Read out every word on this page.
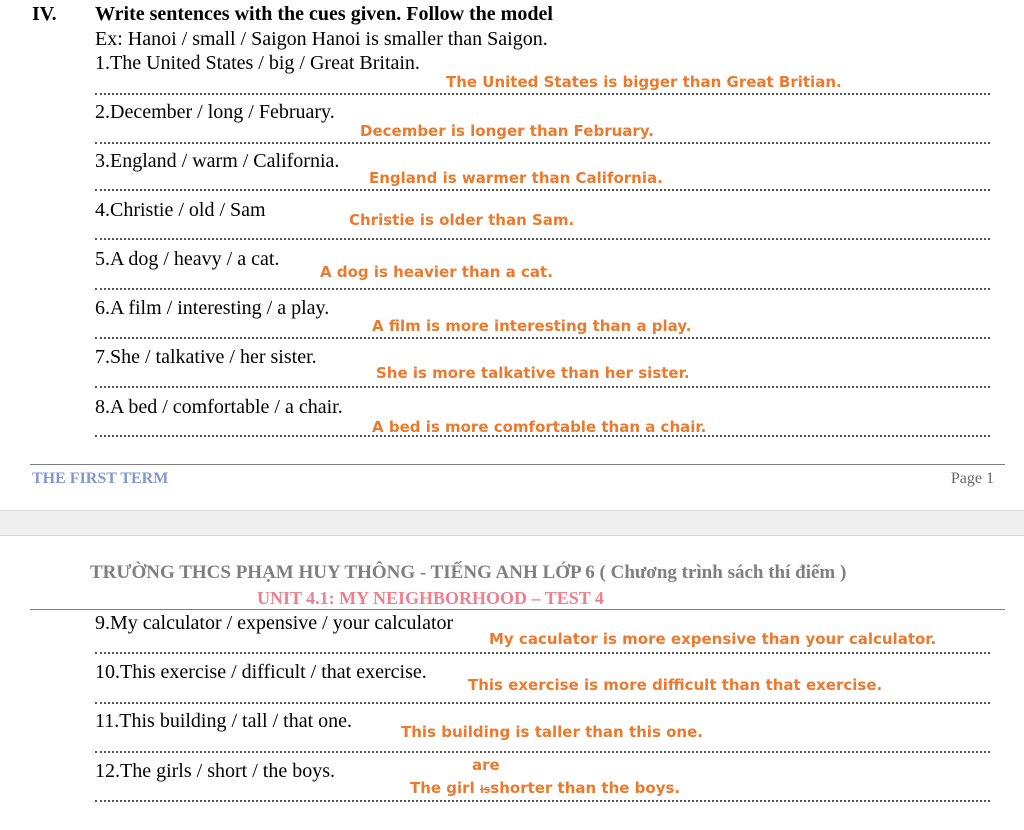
IV. Write sentences with the cues given. Follow the model
Ex: Hanoi / small / Saigon Hanoi is smaller than Saigon.
1.The United States / big / Great Britain.
The United States is bigger than Great Britian.
2.December / long / February.
December is longer than February.
3.England / warm / California.
England is warmer than California.
4.Christie / old / Sam	Christie is older than Sam.
5.A dog / heavy / a cat.
A dog is heavier than a cat.
6.A film / interesting / a play.
A film is more interesting than a play.
7.She / talkative / her sister.
She is more talkative than her sister.
8.A bed / comfortable / a chair.
A bed is more comfortable than a chair.
THE FIRST TERM	Page 1
TRƯỜNG THCS PHẠM HUY THÔNG - TIẾNG ANH LỚP 6 ( Chương trình sách thí điểm )
UNIT 4.1: MY NEIGHBORHOOD – TEST 4
9.My calculator / expensive / your calculator
My caculator is more expensive than your calculator.
10.This exercise / difficult / that exercise.
This exercise is more difficult than that exercise.
11.This building / tall / that one.	This building is taller than this one.
12.The girls / short / the boys.	are
The girl isshorter than the boys.
